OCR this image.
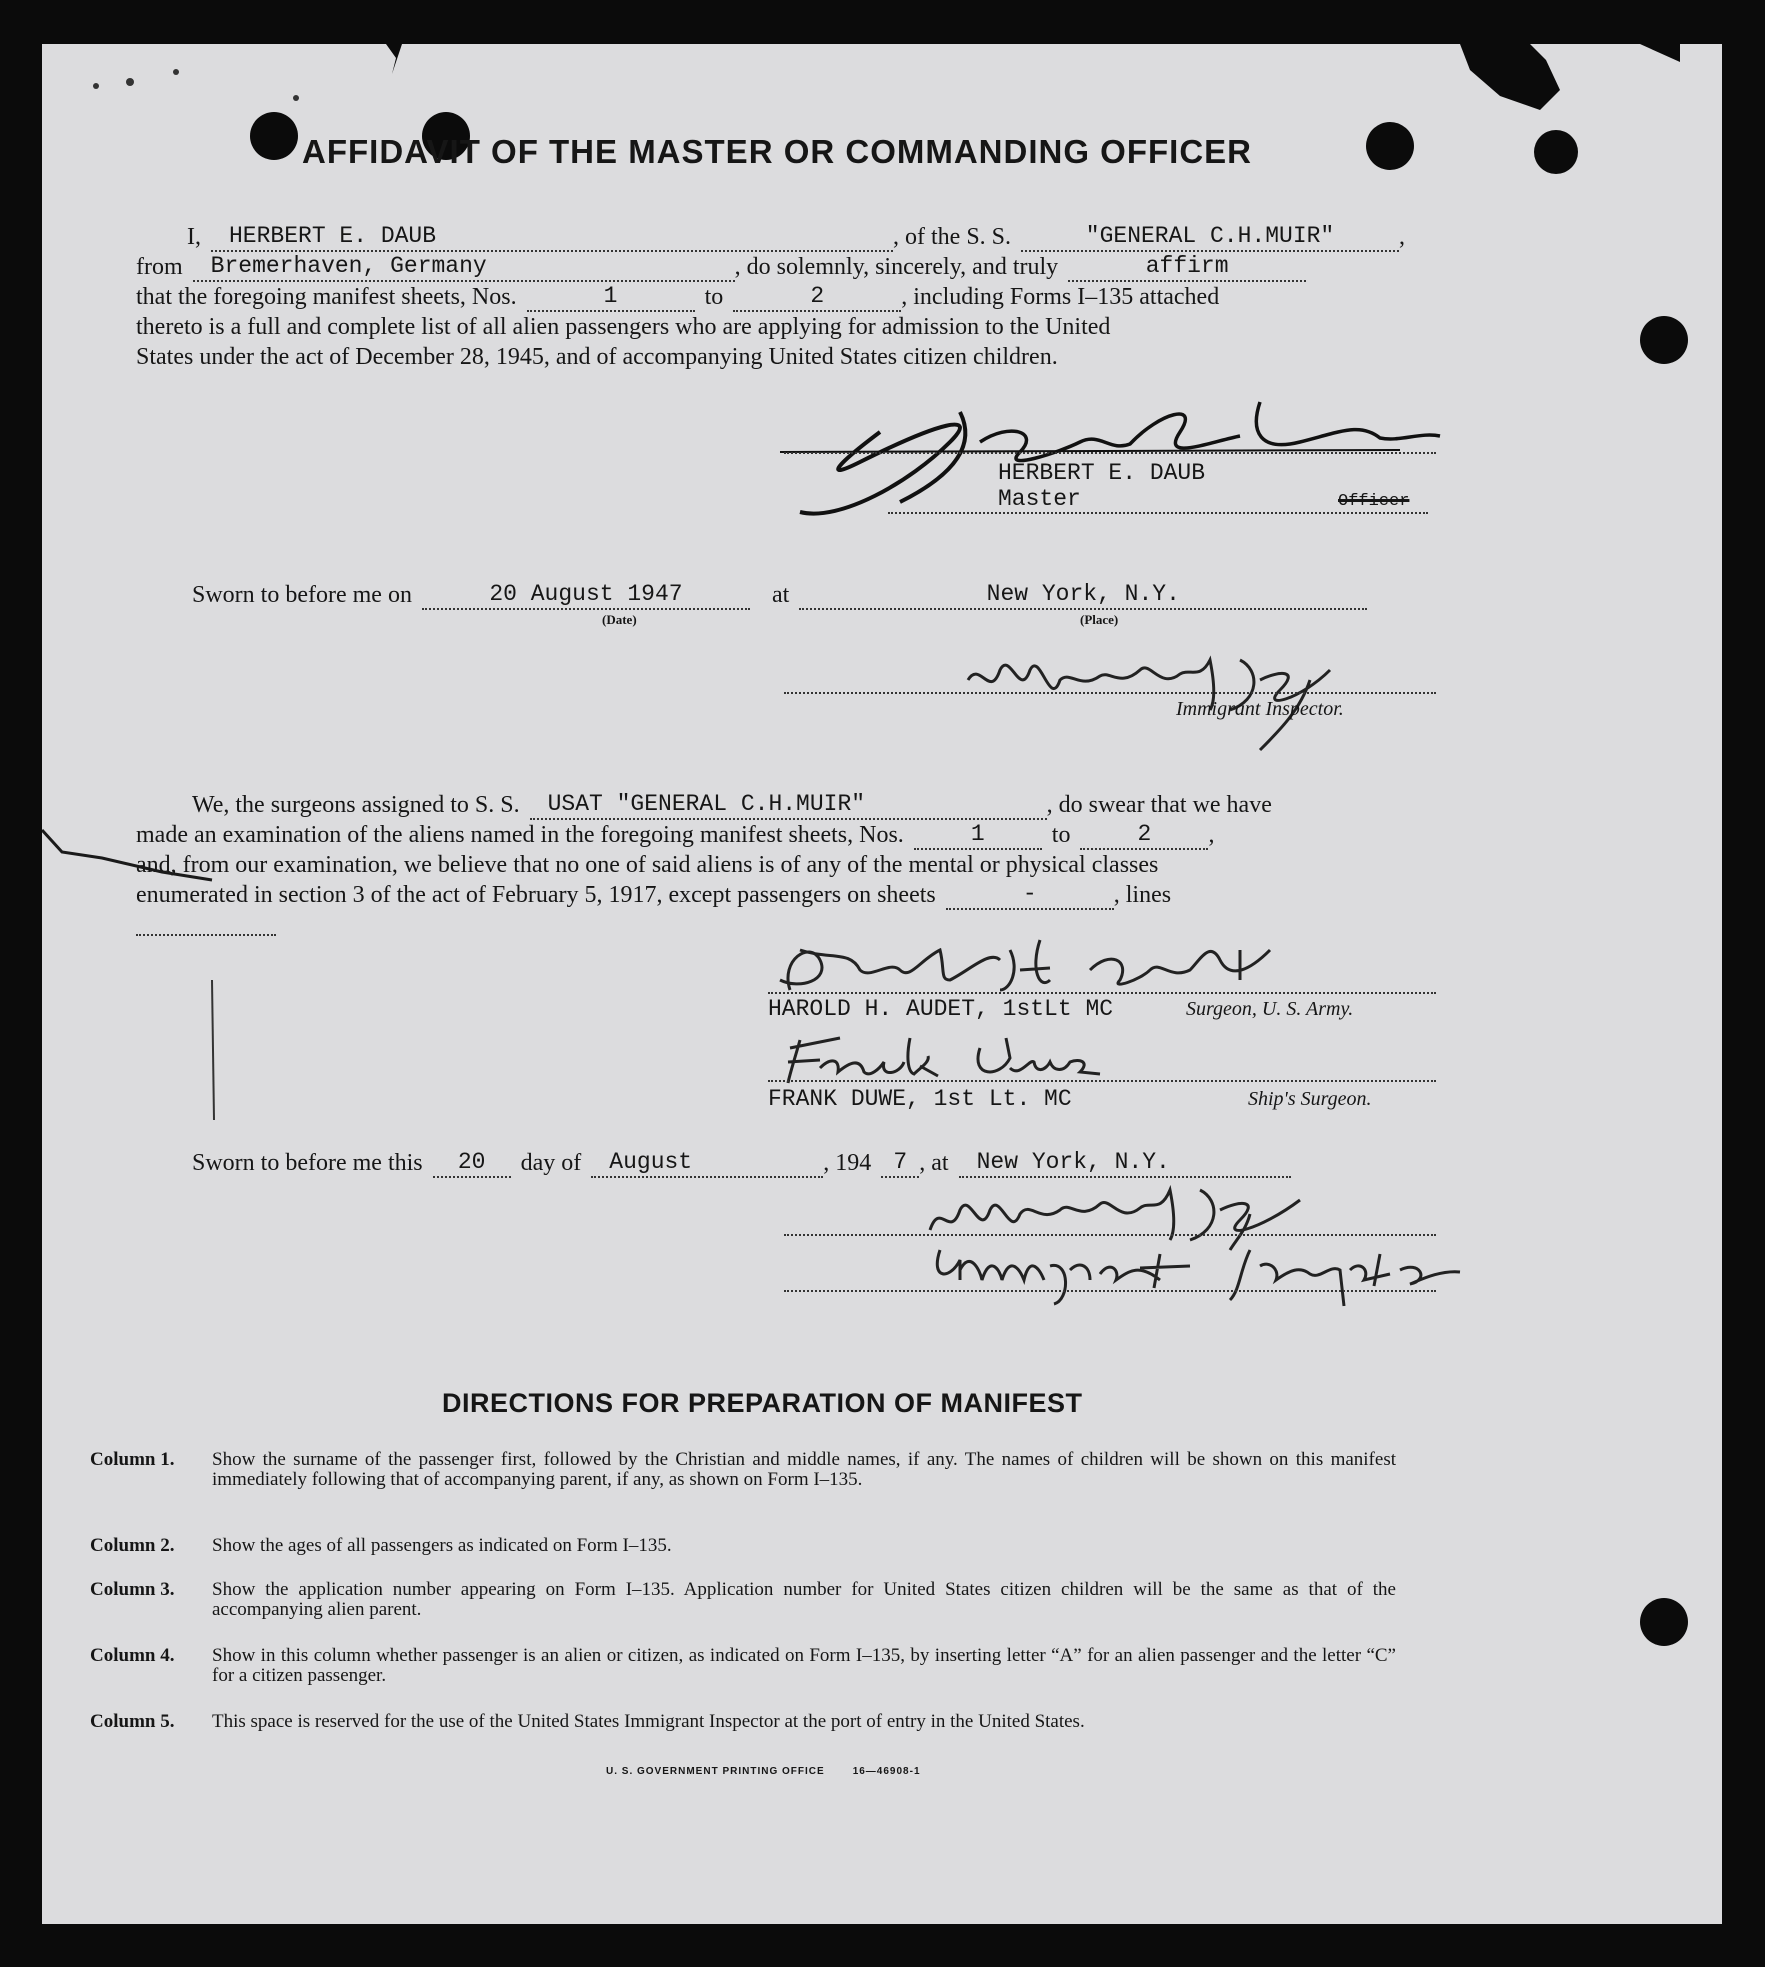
AFFIDAVIT OF THE MASTER OR COMMANDING OFFICER
I,	HERBERT E. DAUB	, of the S. S.	"GENERAL C.H.MUIR"	,
from	Bremerhaven, Germany	, do solemnly, sincerely, and truly	affirm
that the foregoing manifest sheets, Nos.	1	to	2	, including Forms I–135 attached
thereto is a full and complete list of all alien passengers who are applying for admission to the United
States under the act of December 28, 1945, and of accompanying United States citizen children.
HERBERT E. DAUB
Master	Officer
Sworn to before me on	20 August 1947	at	New York, N.Y.
(Date)	(Place)
Immigrant Inspector.
We, the surgeons assigned to S. S.	USAT "GENERAL C.H.MUIR"	, do swear that we have
made an examination of the aliens named in the foregoing manifest sheets, Nos.	1	to	2	,
and, from our examination, we believe that no one of said aliens is of any of the mental or physical classes
enumerated in section 3 of the act of February 5, 1917, except passengers on sheets	-	, lines
HAROLD H. AUDET, 1stLt MC	Surgeon, U. S. Army.
FRANK DUWE, 1st Lt. MC	Ship's Surgeon.
Sworn to before me this	20	day of	August	, 194 7 , at	New York, N.Y.
DIRECTIONS FOR PREPARATION OF MANIFEST
Column 1.	Show the surname of the passenger first, followed by the Christian and middle names, if any. The names of children will be shown on this manifest immediately following that of accompanying parent, if any, as shown on Form I–135.
Column 2.	Show the ages of all passengers as indicated on Form I–135.
Column 3.	Show the application number appearing on Form I–135. Application number for United States citizen children will be the same as that of the accompanying alien parent.
Column 4.	Show in this column whether passenger is an alien or citizen, as indicated on Form I–135, by inserting letter “A” for an alien passenger and the letter “C” for a citizen passenger.
Column 5.	This space is reserved for the use of the United States Immigrant Inspector at the port of entry in the United States.
U. S. GOVERNMENT PRINTING OFFICE	16—46908-1
